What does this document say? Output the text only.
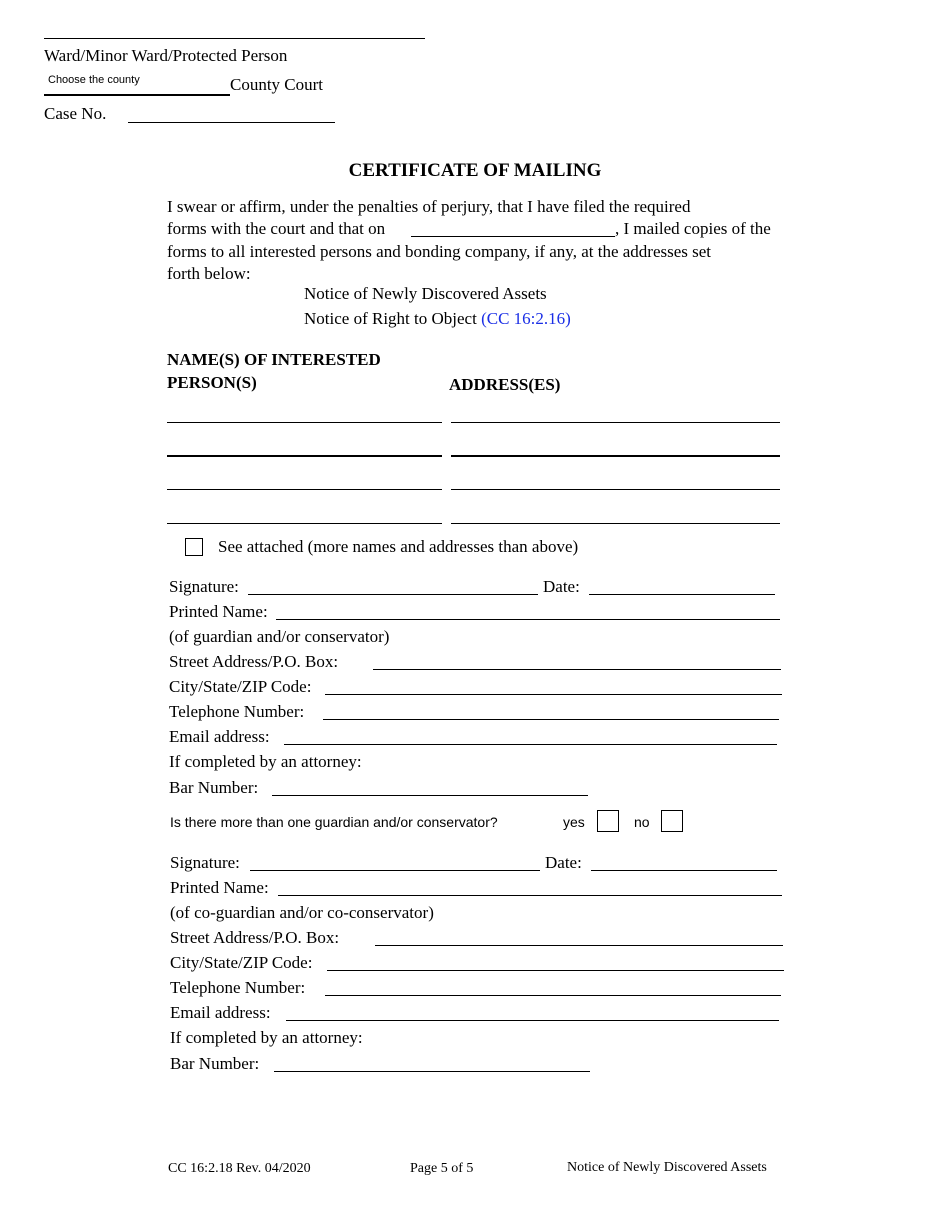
Ward/Minor Ward/Protected Person
Choose the county	County Court
Case No.
CERTIFICATE OF MAILING
I swear or affirm, under the penalties of perjury, that I have filed the required
forms with the court and that on	, I mailed copies of the
forms to all interested persons and bonding company, if any, at the addresses set
forth below:
Notice of Newly Discovered Assets
Notice of Right to Object (CC 16:2.16)
NAME(S) OF INTERESTED
PERSON(S)	ADDRESS(ES)
See attached (more names and addresses than above)
Signature:	Date:
Printed Name:
(of guardian and/or conservator)
Street Address/P.O. Box:
City/State/ZIP Code:
Telephone Number:
Email address:
If completed by an attorney:
Bar Number:
Is there more than one guardian and/or conservator?	yes	no
Signature:	Date:
Printed Name:
(of co-guardian and/or co-conservator)
Street Address/P.O. Box:
City/State/ZIP Code:
Telephone Number:
Email address:
If completed by an attorney:
Bar Number:
CC 16:2.18 Rev. 04/2020	Page 5 of 5	Notice of Newly Discovered Assets
